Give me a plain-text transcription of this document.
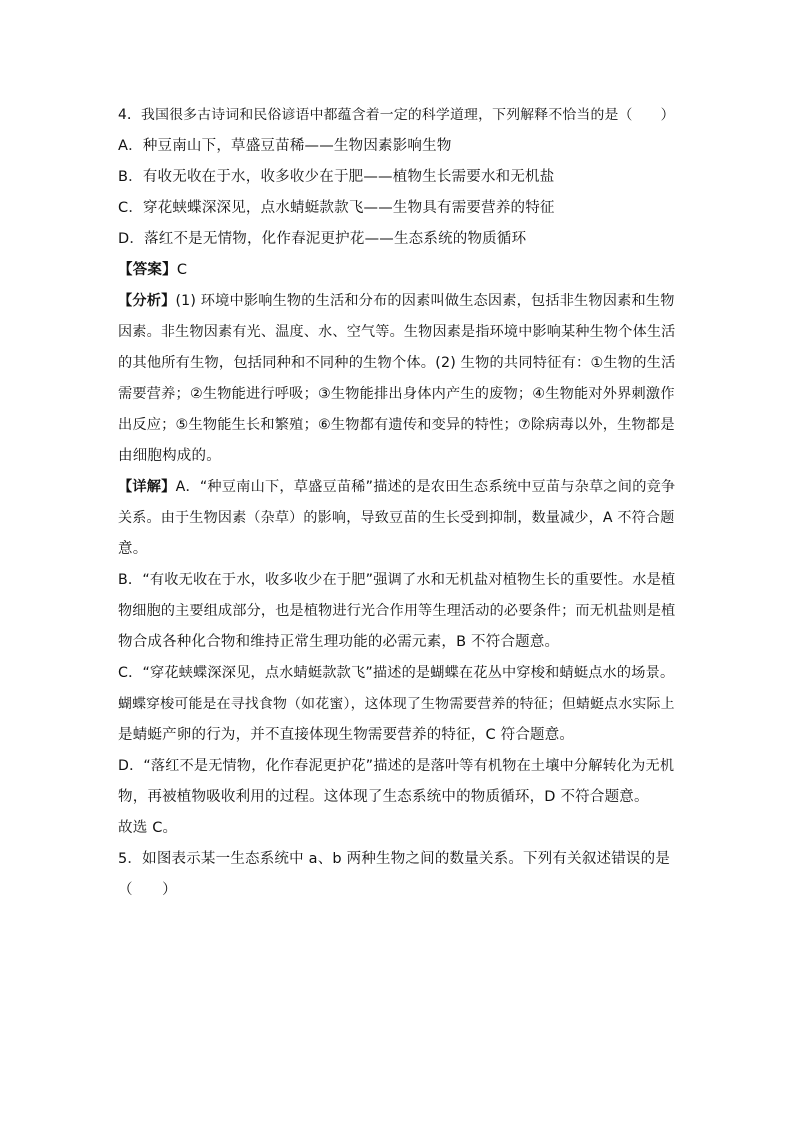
4．我国很多古诗词和民俗谚语中都蕴含着一定的科学道理，下列解释不恰当的是（　　）
A．种豆南山下，草盛豆苗稀——生物因素影响生物
B．有收无收在于水，收多收少在于肥——植物生长需要水和无机盐
C．穿花蛱蝶深深见，点水蜻蜓款款飞——生物具有需要营养的特征
D．落红不是无情物，化作春泥更护花——生态系统的物质循环
【答案】C
【分析】(1) 环境中影响生物的生活和分布的因素叫做生态因素，包括非生物因素和生物
因素。非生物因素有光、温度、水、空气等。生物因素是指环境中影响某种生物个体生活
的其他所有生物，包括同种和不同种的生物个体。(2) 生物的共同特征有：①生物的生活
需要营养；②生物能进行呼吸；③生物能排出身体内产生的废物；④生物能对外界刺激作
出反应；⑤生物能生长和繁殖；⑥生物都有遗传和变异的特性；⑦除病毒以外，生物都是
由细胞构成的。
【详解】A．“种豆南山下，草盛豆苗稀”描述的是农田生态系统中豆苗与杂草之间的竞争
关系。由于生物因素（杂草）的影响，导致豆苗的生长受到抑制，数量减少，A 不符合题
意。
B．“有收无收在于水，收多收少在于肥”强调了水和无机盐对植物生长的重要性。水是植
物细胞的主要组成部分，也是植物进行光合作用等生理活动的必要条件；而无机盐则是植
物合成各种化合物和维持正常生理功能的必需元素，B 不符合题意。
C．“穿花蛱蝶深深见，点水蜻蜓款款飞”描述的是蝴蝶在花丛中穿梭和蜻蜓点水的场景。
蝴蝶穿梭可能是在寻找食物（如花蜜），这体现了生物需要营养的特征；但蜻蜓点水实际上
是蜻蜓产卵的行为，并不直接体现生物需要营养的特征，C 符合题意。
D．“落红不是无情物，化作春泥更护花”描述的是落叶等有机物在土壤中分解转化为无机
物，再被植物吸收利用的过程。这体现了生态系统中的物质循环，D 不符合题意。
故选 C。
5．如图表示某一生态系统中 a、b 两种生物之间的数量关系。下列有关叙述错误的是
（　　）
